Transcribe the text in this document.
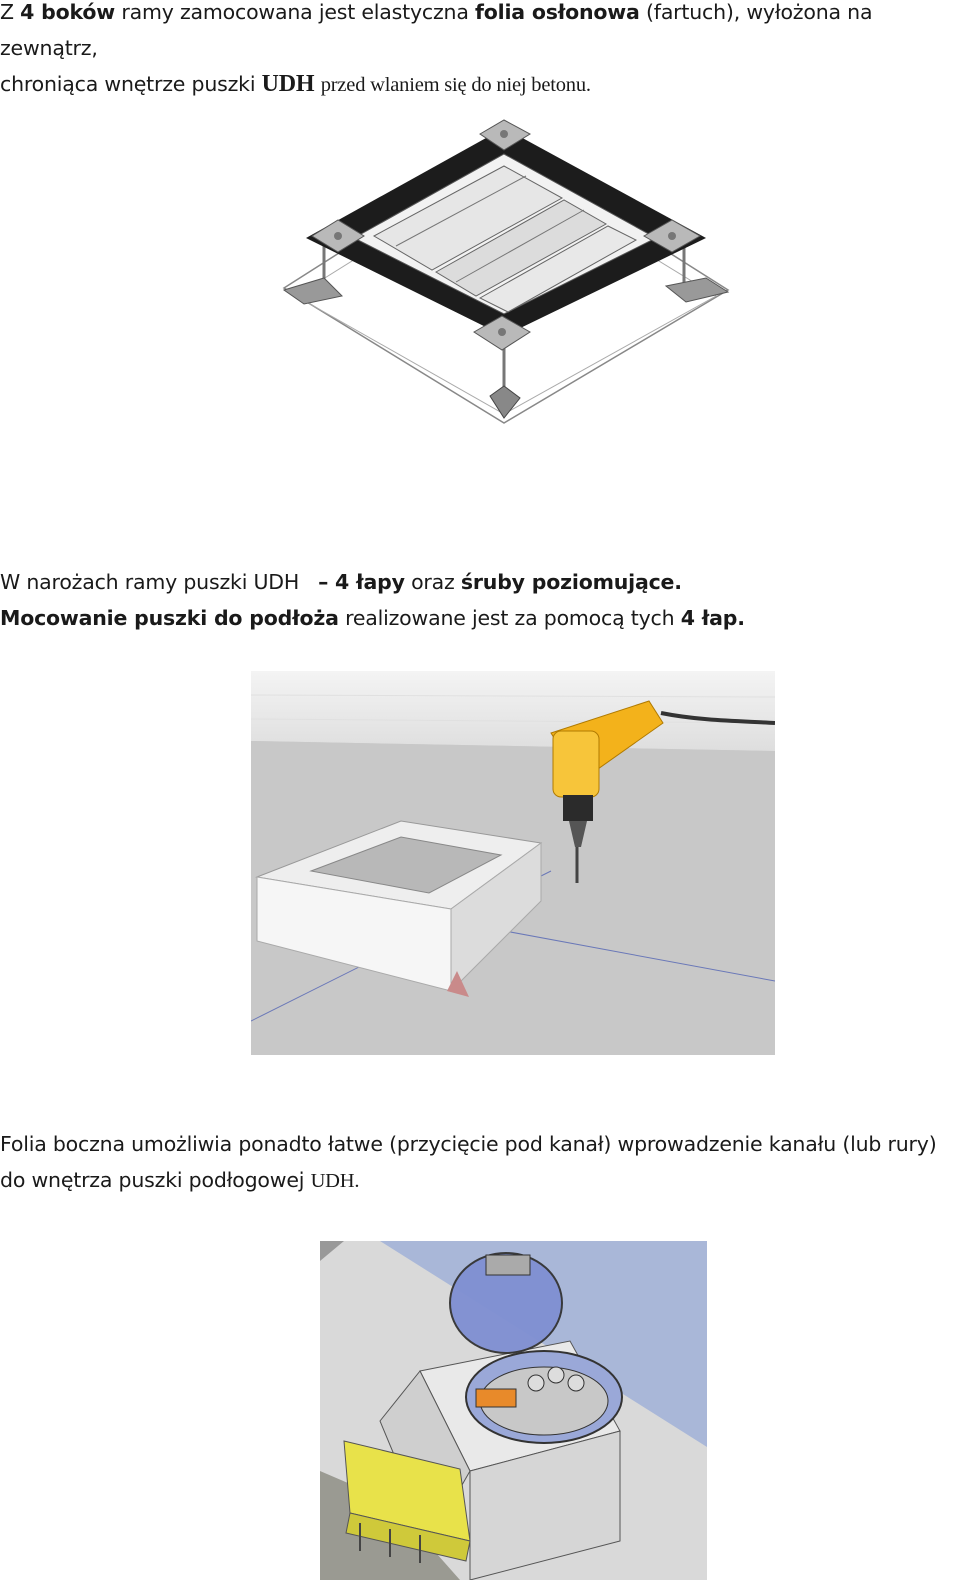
Z 4 boków ramy zamocowana jest elastyczna folia osłonowa (fartuch), wyłożona na zewnątrz,
chroniąca wnętrze puszki UDH przed wlaniem się do niej betonu.
W narożach ramy puszki UDH – 4 łapy oraz śruby poziomujące.
Mocowanie puszki do podłoża realizowane jest za pomocą tych 4 łap.
Folia boczna umożliwia ponadto łatwe (przycięcie pod kanał) wprowadzenie kanału (lub rury)
do wnętrza puszki podłogowej UDH.
